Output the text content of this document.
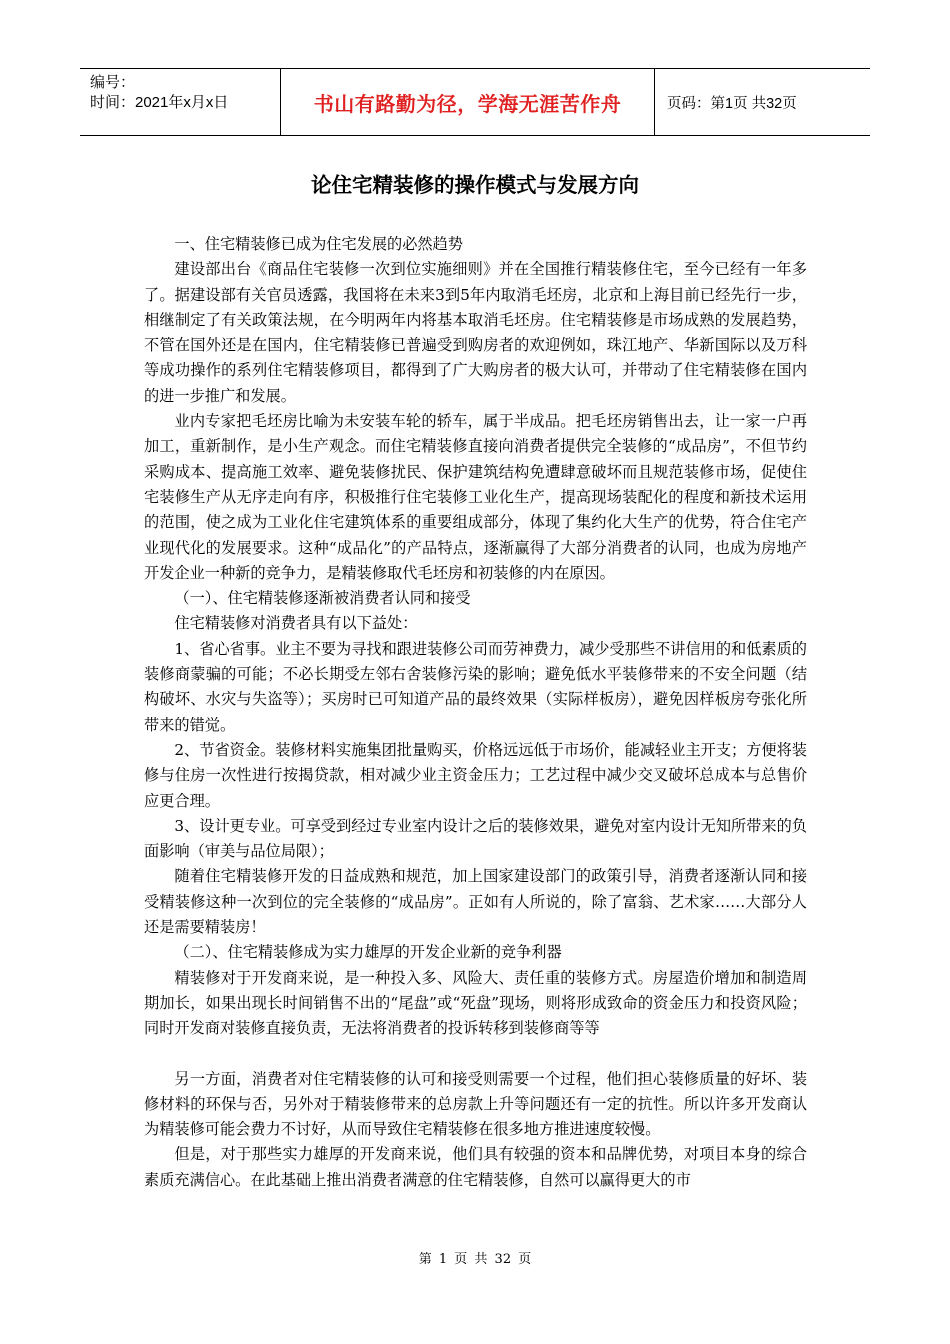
编号：
时间：2021年x月x日	书山有路勤为径，学海无涯苦作舟	页码：第1页 共32页
论住宅精装修的操作模式与发展方向

一、住宅精装修已成为住宅发展的必然趋势

建设部出台《商品住宅装修一次到位实施细则》并在全国推行精装修住宅，至今已经有一年多了。据建设部有关官员透露，我国将在未来3到5年内取消毛坯房，北京和上海目前已经先行一步，相继制定了有关政策法规，在今明两年内将基本取消毛坯房。住宅精装修是市场成熟的发展趋势，不管在国外还是在国内，住宅精装修已普遍受到购房者的欢迎例如，珠江地产、华新国际以及万科等成功操作的系列住宅精装修项目，都得到了广大购房者的极大认可，并带动了住宅精装修在国内的进一步推广和发展。

业内专家把毛坯房比喻为未安装车轮的轿车，属于半成品。把毛坯房销售出去，让一家一户再加工，重新制作，是小生产观念。而住宅精装修直接向消费者提供完全装修的“成品房”，不但节约采购成本、提高施工效率、避免装修扰民、保护建筑结构免遭肆意破坏而且规范装修市场，促使住宅装修生产从无序走向有序，积极推行住宅装修工业化生产，提高现场装配化的程度和新技术运用的范围，使之成为工业化住宅建筑体系的重要组成部分，体现了集约化大生产的优势，符合住宅产业现代化的发展要求。这种“成品化”的产品特点，逐渐赢得了大部分消费者的认同，也成为房地产开发企业一种新的竞争力，是精装修取代毛坯房和初装修的内在原因。

（一）、住宅精装修逐渐被消费者认同和接受

住宅精装修对消费者具有以下益处：

1、省心省事。业主不要为寻找和跟进装修公司而劳神费力，减少受那些不讲信用的和低素质的装修商蒙骗的可能；不必长期受左邻右舍装修污染的影响；避免低水平装修带来的不安全问题（结构破坏、水灾与失盗等）；买房时已可知道产品的最终效果（实际样板房），避免因样板房夸张化所带来的错觉。

2、节省资金。装修材料实施集团批量购买，价格远远低于市场价，能减轻业主开支；方便将装修与住房一次性进行按揭贷款，相对减少业主资金压力；工艺过程中减少交叉破坏总成本与总售价应更合理。

3、设计更专业。可享受到经过专业室内设计之后的装修效果，避免对室内设计无知所带来的负面影响（审美与品位局限）；

随着住宅精装修开发的日益成熟和规范，加上国家建设部门的政策引导，消费者逐渐认同和接受精装修这种一次到位的完全装修的“成品房”。正如有人所说的，除了富翁、艺术家……大部分人还是需要精装房！

（二）、住宅精装修成为实力雄厚的开发企业新的竞争利器

精装修对于开发商来说，是一种投入多、风险大、责任重的装修方式。房屋造价增加和制造周期加长，如果出现长时间销售不出的“尾盘”或“死盘”现场，则将形成致命的资金压力和投资风险；同时开发商对装修直接负责，无法将消费者的投诉转移到装修商等等

另一方面，消费者对住宅精装修的认可和接受则需要一个过程，他们担心装修质量的好坏、装修材料的环保与否，另外对于精装修带来的总房款上升等问题还有一定的抗性。所以许多开发商认为精装修可能会费力不讨好，从而导致住宅精装修在很多地方推进速度较慢。

但是，对于那些实力雄厚的开发商来说，他们具有较强的资本和品牌优势，对项目本身的综合素质充满信心。在此基础上推出消费者满意的住宅精装修，自然可以赢得更大的市

第 1 页 共 32 页
